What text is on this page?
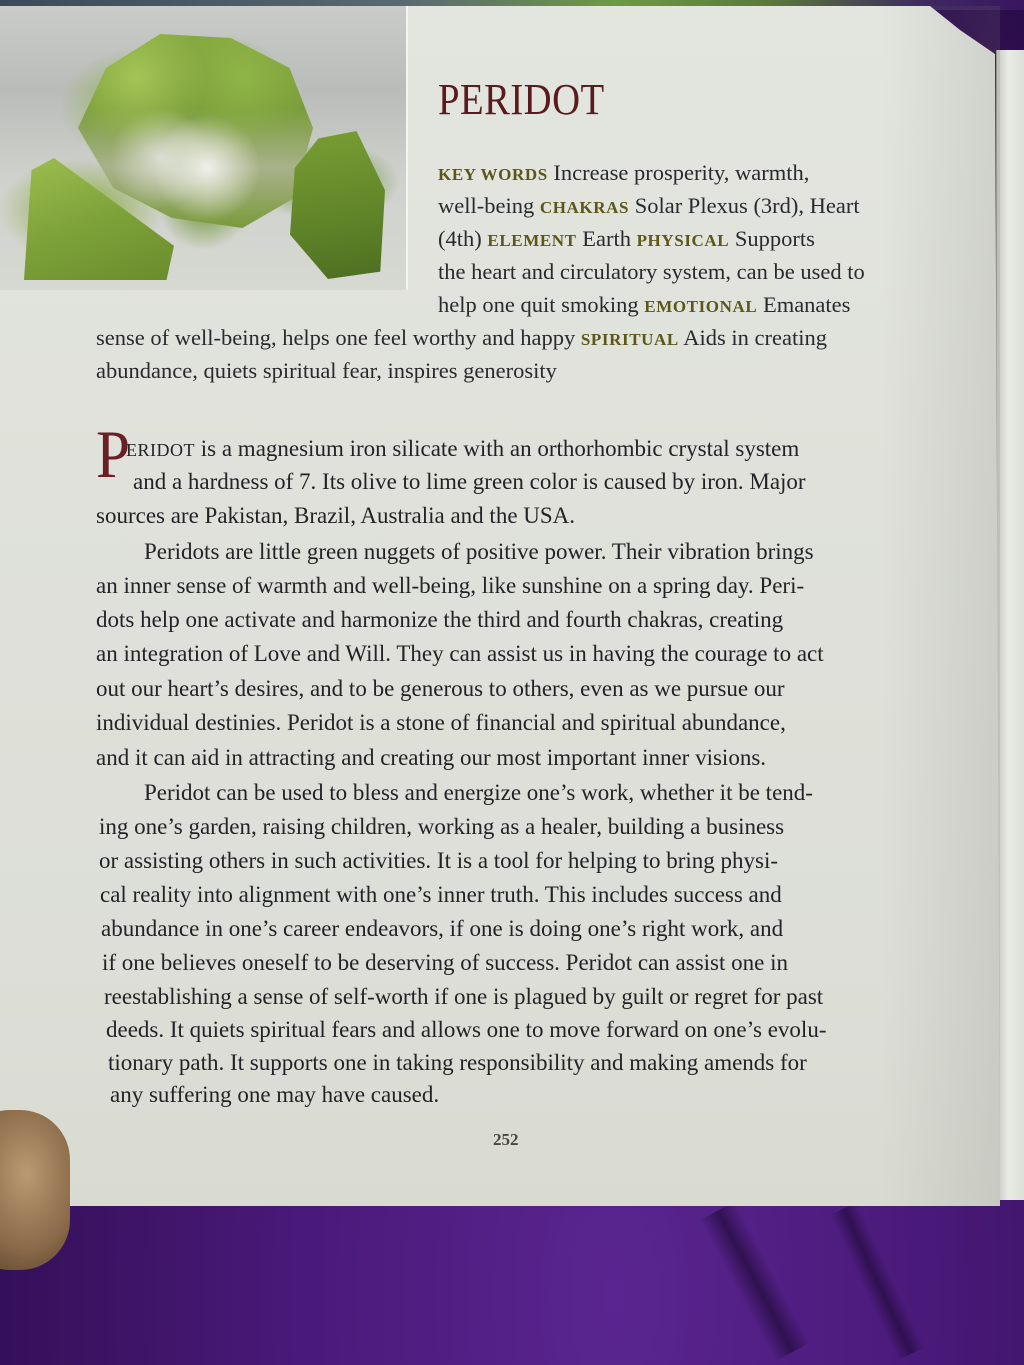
PERIDOT
KEY WORDS Increase prosperity, warmth,
well-being CHAKRAS Solar Plexus (3rd), Heart
(4th) ELEMENT Earth PHYSICAL Supports
the heart and circulatory system, can be used to
help one quit smoking EMOTIONAL Emanates
sense of well-being, helps one feel worthy and happy SPIRITUAL Aids in creating
abundance, quiets spiritual fear, inspires generosity
P
ERIDOT is a magnesium iron silicate with an orthorhombic crystal system
and a hardness of 7. Its olive to lime green color is caused by iron. Major
sources are Pakistan, Brazil, Australia and the USA.
Peridots are little green nuggets of positive power. Their vibration brings
an inner sense of warmth and well-being, like sunshine on a spring day. Peri-
dots help one activate and harmonize the third and fourth chakras, creating
an integration of Love and Will. They can assist us in having the courage to act
out our heart’s desires, and to be generous to others, even as we pursue our
individual destinies. Peridot is a stone of financial and spiritual abundance,
and it can aid in attracting and creating our most important inner visions.
Peridot can be used to bless and energize one’s work, whether it be tend-
ing one’s garden, raising children, working as a healer, building a business
or assisting others in such activities. It is a tool for helping to bring physi-
cal reality into alignment with one’s inner truth. This includes success and
abundance in one’s career endeavors, if one is doing one’s right work, and
if one believes oneself to be deserving of success. Peridot can assist one in
reestablishing a sense of self-worth if one is plagued by guilt or regret for past
deeds. It quiets spiritual fears and allows one to move forward on one’s evolu-
tionary path. It supports one in taking responsibility and making amends for
any suffering one may have caused.
252
